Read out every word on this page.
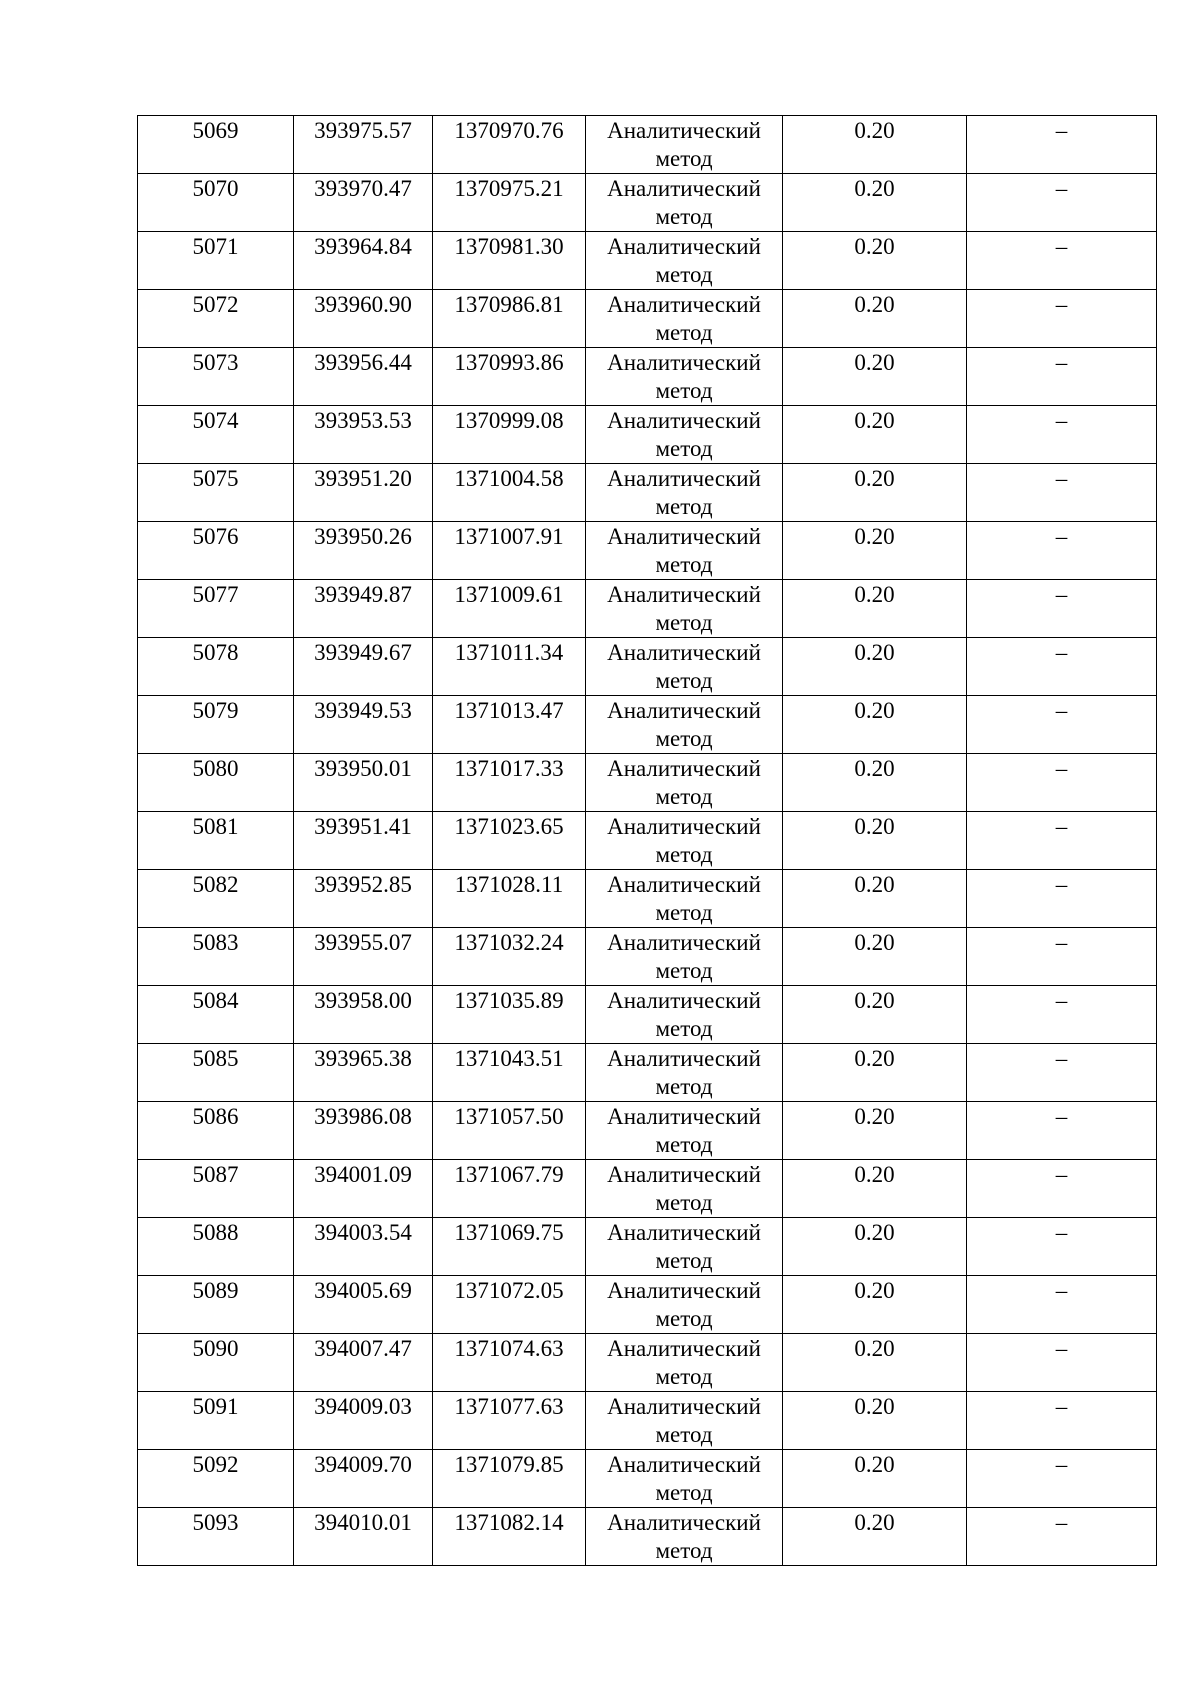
5069	393975.57	1370970.76	Аналитический метод	0.20	–

5070	393970.47	1370975.21	Аналитический метод	0.20	–

5071	393964.84	1370981.30	Аналитический метод	0.20	–

5072	393960.90	1370986.81	Аналитический метод	0.20	–

5073	393956.44	1370993.86	Аналитический метод	0.20	–

5074	393953.53	1370999.08	Аналитический метод	0.20	–

5075	393951.20	1371004.58	Аналитический метод	0.20	–

5076	393950.26	1371007.91	Аналитический метод	0.20	–

5077	393949.87	1371009.61	Аналитический метод	0.20	–

5078	393949.67	1371011.34	Аналитический метод	0.20	–

5079	393949.53	1371013.47	Аналитический метод	0.20	–

5080	393950.01	1371017.33	Аналитический метод	0.20	–

5081	393951.41	1371023.65	Аналитический метод	0.20	–

5082	393952.85	1371028.11	Аналитический метод	0.20	–

5083	393955.07	1371032.24	Аналитический метод	0.20	–

5084	393958.00	1371035.89	Аналитический метод	0.20	–

5085	393965.38	1371043.51	Аналитический метод	0.20	–

5086	393986.08	1371057.50	Аналитический метод	0.20	–

5087	394001.09	1371067.79	Аналитический метод	0.20	–

5088	394003.54	1371069.75	Аналитический метод	0.20	–

5089	394005.69	1371072.05	Аналитический метод	0.20	–

5090	394007.47	1371074.63	Аналитический метод	0.20	–

5091	394009.03	1371077.63	Аналитический метод	0.20	–

5092	394009.70	1371079.85	Аналитический метод	0.20	–

5093	394010.01	1371082.14	Аналитический метод	0.20	–
